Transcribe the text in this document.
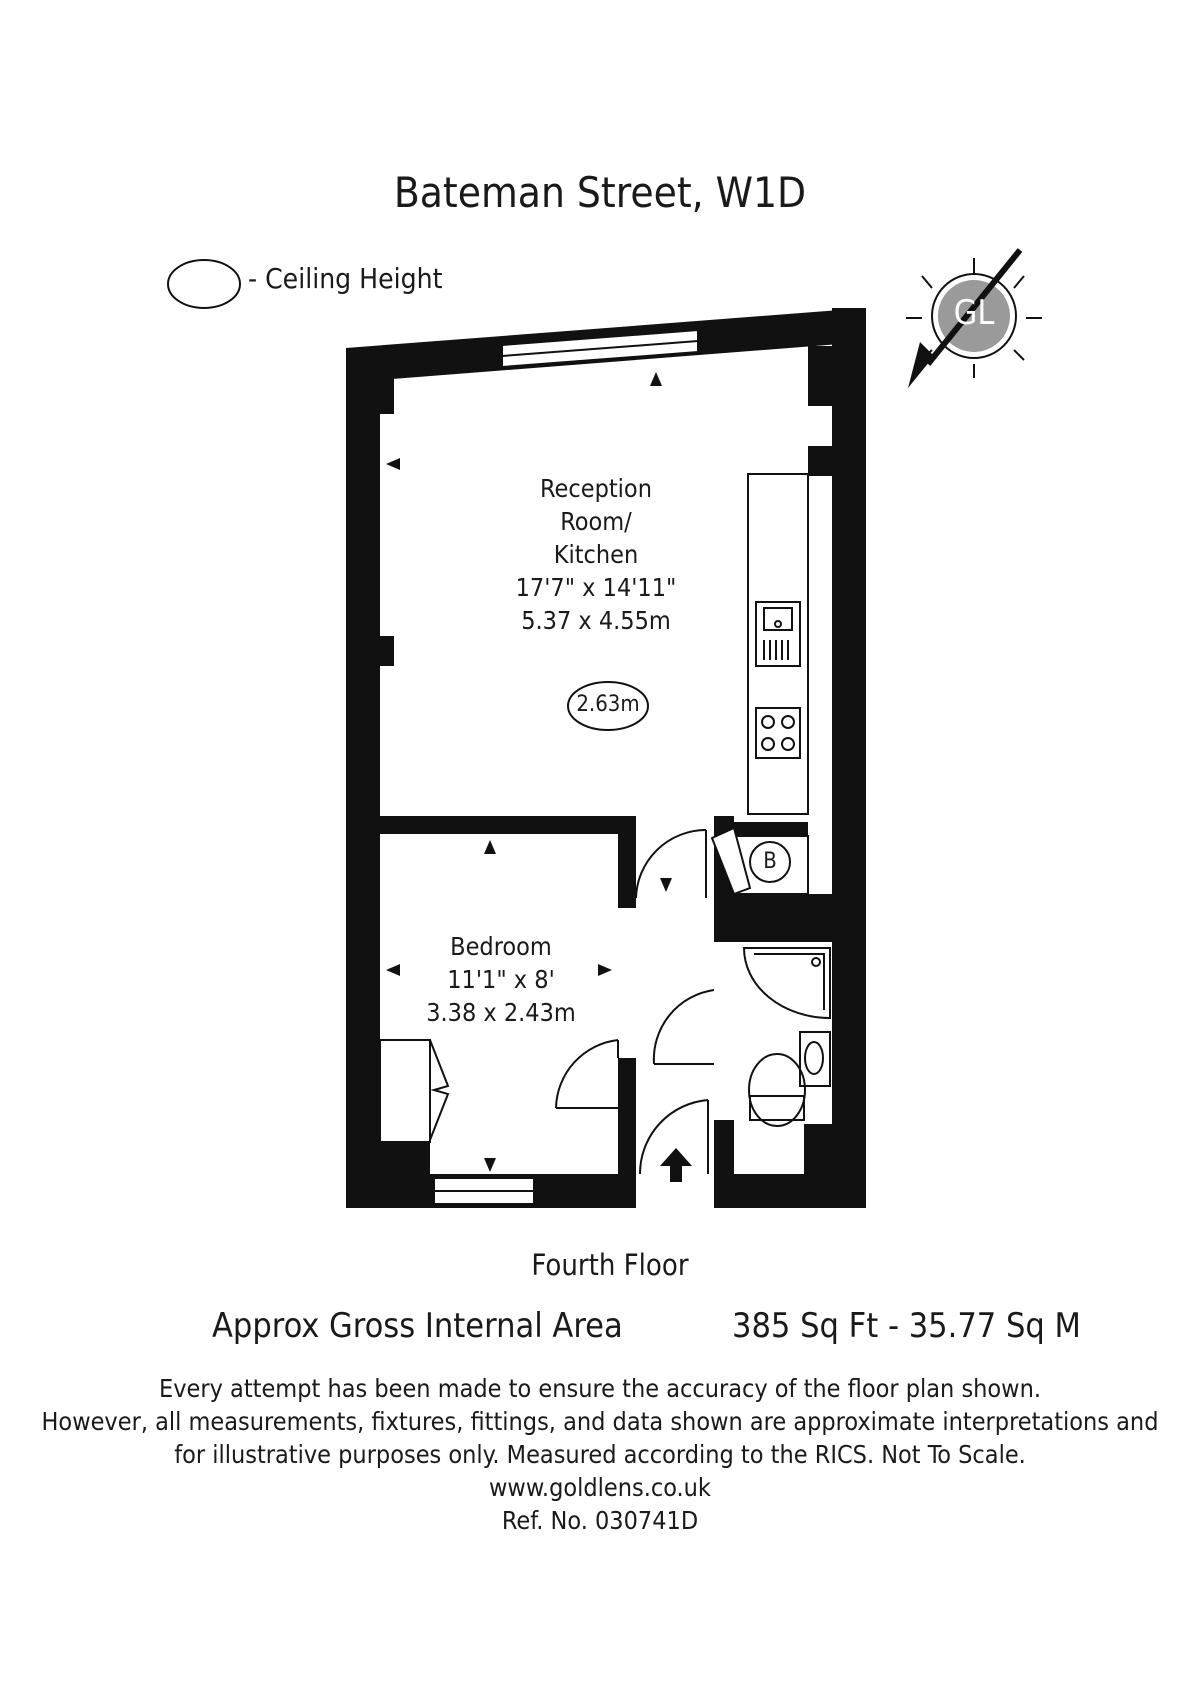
Bateman Street, W1D
- Ceiling Height
GL
Reception
Room/
Kitchen
17'7" x 14'11"
5.37 x 4.55m
2.63m
B
Bedroom
11'1" x 8'
3.38 x 2.43m
Fourth Floor
Approx Gross Internal Area	385 Sq Ft - 35.77 Sq M
Every attempt has been made to ensure the accuracy of the floor plan shown.
However, all measurements, fixtures, fittings, and data shown are approximate interpretations and
for illustrative purposes only. Measured according to the RICS. Not To Scale.
www.goldlens.co.uk
Ref. No. 030741D
